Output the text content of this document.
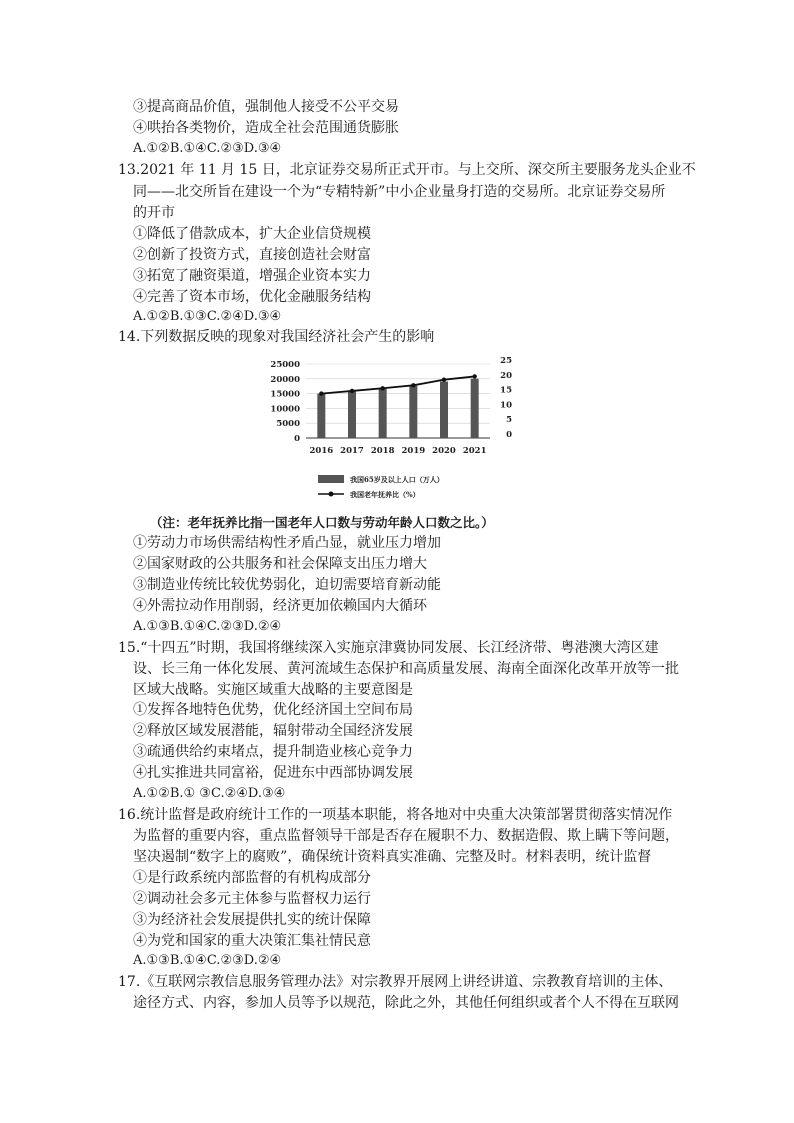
③提高商品价值，强制他人接受不公平交易
④哄抬各类物价，造成全社会范围通货膨胀
A.①②B.①④C.②③D.③④
13.2021 年 11 月 15 日，北京证券交易所正式开市。与上交所、深交所主要服务龙头企业不
同——北交所旨在建设一个为“专精特新”中小企业量身打造的交易所。北京证券交易所
的开市
①降低了借款成本，扩大企业信贷规模
②创新了投资方式，直接创造社会财富
③拓宽了融资渠道，增强企业资本实力
④完善了资本市场，优化金融服务结构
A.①②B.①③C.②④D.③④
14.下列数据反映的现象对我国经济社会产生的影响
25000
20000
15000
10000
5000
0
25
20
15
10
5
0
2016 2017 2018 2019 2020 2021
我国65岁及以上人口（万人）
我国老年抚养比（%）
（注：老年抚养比指一国老年人口数与劳动年龄人口数之比。）
①劳动力市场供需结构性矛盾凸显，就业压力增加
②国家财政的公共服务和社会保障支出压力增大
③制造业传统比较优势弱化，迫切需要培育新动能
④外需拉动作用削弱，经济更加依赖国内大循环
A.①③B.①④C.②③D.②④
15.“十四五”时期，我国将继续深入实施京津冀协同发展、长江经济带、粤港澳大湾区建
设、长三角一体化发展、黄河流域生态保护和高质量发展、海南全面深化改革开放等一批
区域大战略。实施区域重大战略的主要意图是
①发挥各地特色优势，优化经济国土空间布局
②释放区域发展潜能，辐射带动全国经济发展
③疏通供给约束堵点，提升制造业核心竞争力
④扎实推进共同富裕，促进东中西部协调发展
A.①②B.① ③C.②④D.③④
16.统计监督是政府统计工作的一项基本职能，将各地对中央重大决策部署贯彻落实情况作
为监督的重要内容，重点监督领导干部是否存在履职不力、数据造假、欺上瞒下等问题，
坚决遏制“数字上的腐败”，确保统计资料真实准确、完整及时。材料表明，统计监督
①是行政系统内部监督的有机构成部分
②调动社会多元主体参与监督权力运行
③为经济社会发展提供扎实的统计保障
④为党和国家的重大决策汇集社情民意
A.①③B.①④C.②③D.②④
17.《互联网宗教信息服务管理办法》对宗教界开展网上讲经讲道、宗教教育培训的主体、
途径方式、内容，参加人员等予以规范，除此之外，其他任何组织或者个人不得在互联网
